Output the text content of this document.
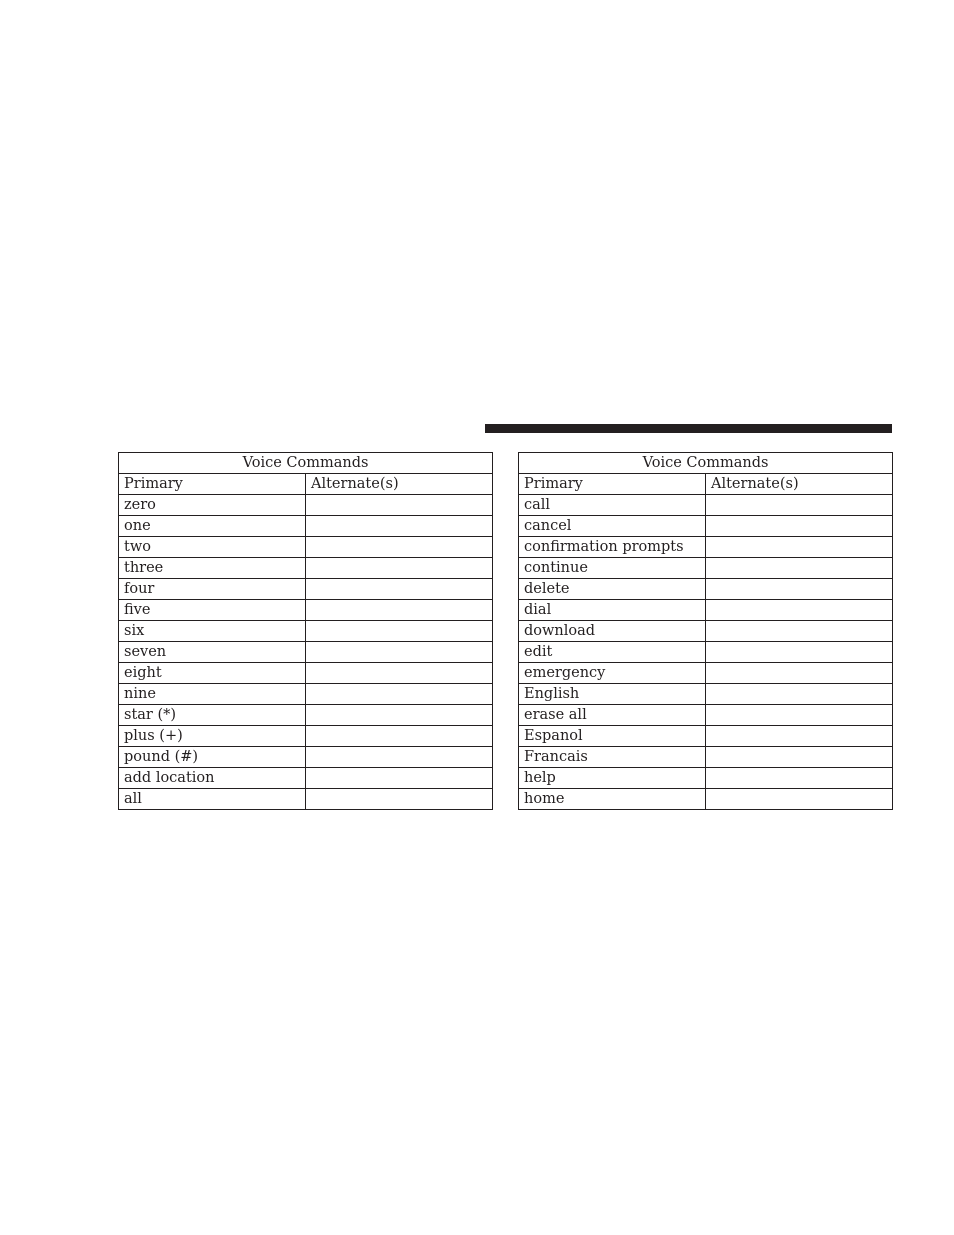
Voice Commands	
Primary	Alternate(s)
zero	
one	
two	
three	
four	
five	
six	
seven	
eight	
nine	
star (*)	
plus (+)	
pound (#)	
add location	
all	
Voice Commands	
Primary	Alternate(s)
call	
cancel	
confirmation prompts	
continue	
delete	
dial	
download	
edit	
emergency	
English	
erase all	
Espanol	
Francais	
help	
home	
